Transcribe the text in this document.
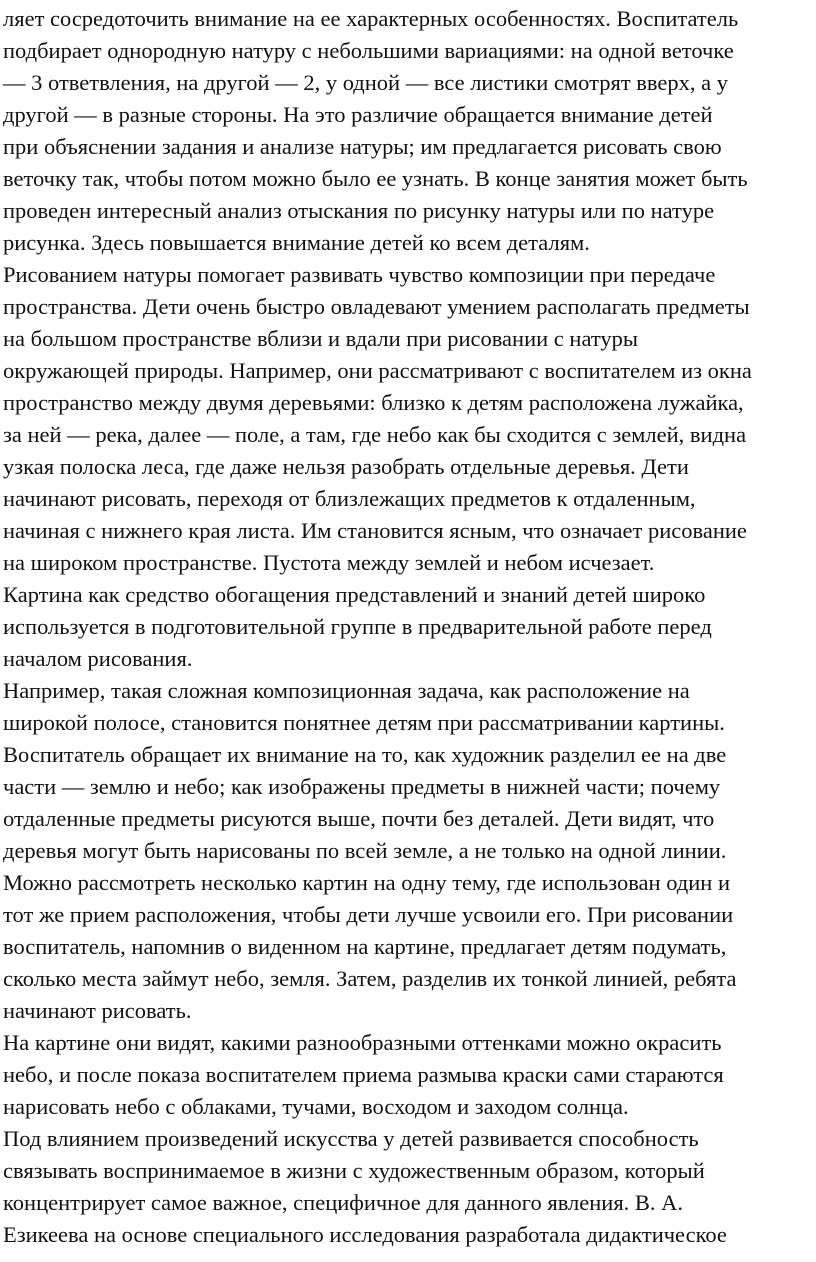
ляет сосредоточить внимание на ее характерных особенностях. Воспитатель
подбирает однородную натуру с небольшими вариациями: на одной веточке
— 3 ответвления, на другой — 2, у одной — все листики смотрят вверх, а у
другой — в разные стороны. На это различие обращается внимание детей
при объяснении задания и анализе натуры; им предлагается рисовать свою
веточку так, чтобы потом можно было ее узнать. В конце занятия может быть
проведен интересный анализ отыскания по рисунку натуры или по натуре
рисунка. Здесь повышается внимание детей ко всем деталям.
Рисованием натуры помогает развивать чувство композиции при передаче
пространства. Дети очень быстро овладевают умением располагать предметы
на большом пространстве вблизи и вдали при рисовании с натуры
окружающей природы. Например, они рассматривают с воспитателем из окна
пространство между двумя деревьями: близко к детям расположена лужайка,
за ней — река, далее — поле, а там, где небо как бы сходится с землей, видна
узкая полоска леса, где даже нельзя разобрать отдельные деревья. Дети
начинают рисовать, переходя от близлежащих предметов к отдаленным,
начиная с нижнего края листа. Им становится ясным, что означает рисование
на широком пространстве. Пустота между землей и небом исчезает.
Картина как средство обогащения представлений и знаний детей широко
используется в подготовительной группе в предварительной работе перед
началом рисования.
Например, такая сложная композиционная задача, как расположение на
широкой полосе, становится понятнее детям при рассматривании картины.
Воспитатель обращает их внимание на то, как художник разделил ее на две
части — землю и небо; как изображены предметы в нижней части; почему
отдаленные предметы рисуются выше, почти без деталей. Дети видят, что
деревья могут быть нарисованы по всей земле, а не только на одной линии.
Можно рассмотреть несколько картин на одну тему, где использован один и
тот же прием расположения, чтобы дети лучше усвоили его. При рисовании
воспитатель, напомнив о виденном на картине, предлагает детям подумать,
сколько места займут небо, земля. Затем, разделив их тонкой линией, ребята
начинают рисовать.
На картине они видят, какими разнообразными оттенками можно окрасить
небо, и после показа воспитателем приема размыва краски сами стараются
нарисовать небо с облаками, тучами, восходом и заходом солнца.
Под влиянием произведений искусства у детей развивается способность
связывать воспринимаемое в жизни с художественным образом, который
концентрирует самое важное, специфичное для данного явления. В. А.
Езикеева на основе специального исследования разработала дидактическое
